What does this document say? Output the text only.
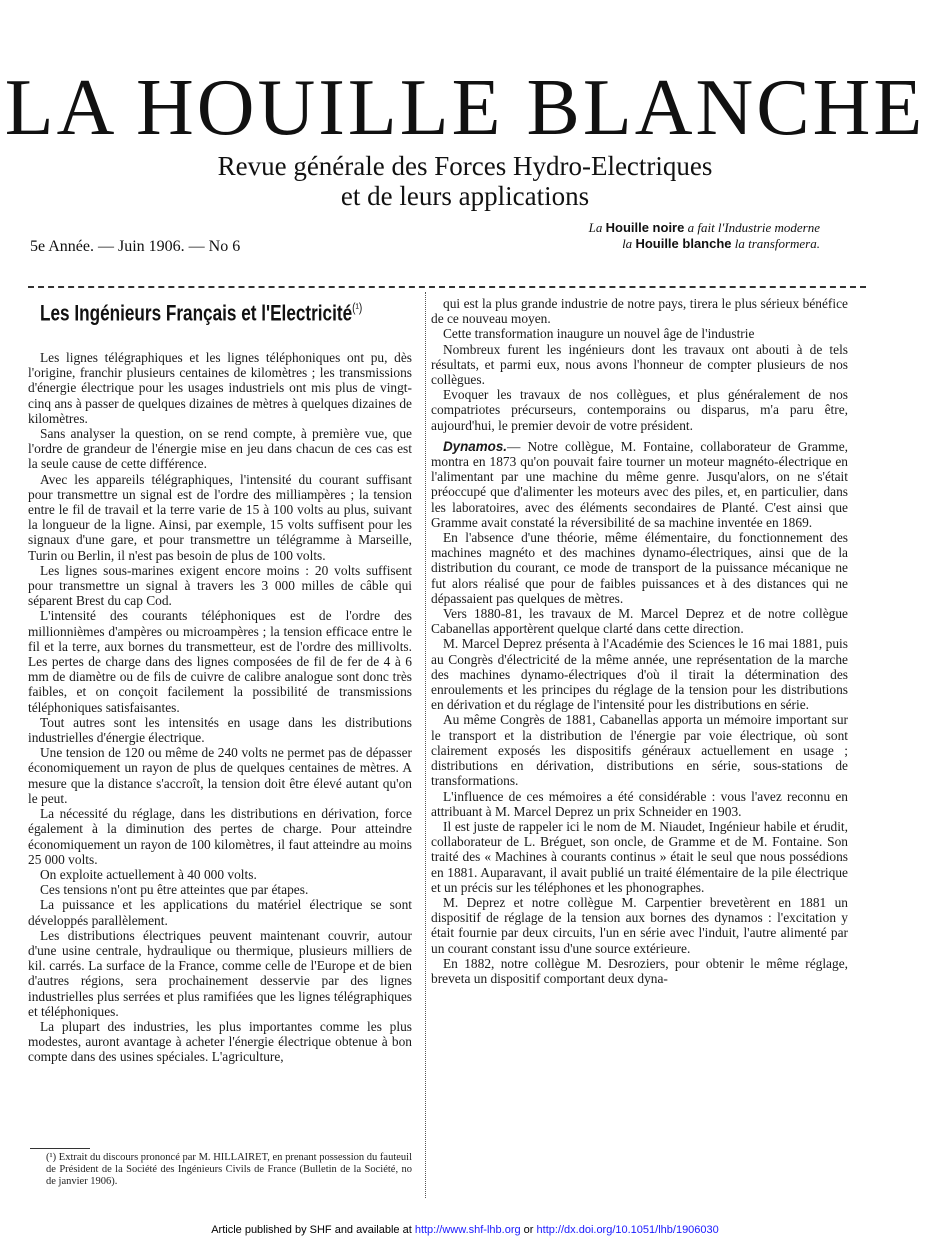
LA HOUILLE BLANCHE
Revue générale des Forces Hydro-Electriques
et de leurs applications
La Houille noire a fait l'Industrie moderne
la Houille blanche la transformera.
5e Année. — Juin 1906. — No 6
Les Ingénieurs Français et l'Electricité$^{(^1)}$

Les lignes télégraphiques et les lignes téléphoniques ont pu, dès l'origine, franchir plusieurs centaines de kilomètres ; les transmissions d'énergie électrique pour les usages industriels ont mis plus de vingt-cinq ans à passer de quelques dizaines de mètres à quelques dizaines de kilomètres.

Sans analyser la question, on se rend compte, à première vue, que l'ordre de grandeur de l'énergie mise en jeu dans chacun de ces cas est la seule cause de cette différence.

Avec les appareils télégraphiques, l'intensité du courant suffisant pour transmettre un signal est de l'ordre des milliampères ; la tension entre le fil de travail et la terre varie de 15 à 100 volts au plus, suivant la longueur de la ligne. Ainsi, par exemple, 15 volts suffisent pour les signaux d'une gare, et pour transmettre un télégramme à Marseille, Turin ou Berlin, il n'est pas besoin de plus de 100 volts.

Les lignes sous-marines exigent encore moins : 20 volts suffisent pour transmettre un signal à travers les 3 000 milles de câble qui séparent Brest du cap Cod.

L'intensité des courants téléphoniques est de l'ordre des millionnièmes d'ampères ou microampères ; la tension efficace entre le fil et la terre, aux bornes du transmetteur, est de l'ordre des millivolts. Les pertes de charge dans des lignes composées de fil de fer de 4 à 6 mm de diamètre ou de fils de cuivre de calibre analogue sont donc très faibles, et on conçoit facilement la possibilité de transmissions téléphoniques satisfaisantes.

Tout autres sont les intensités en usage dans les distributions industrielles d'énergie électrique.

Une tension de 120 ou même de 240 volts ne permet pas de dépasser économiquement un rayon de plus de quelques centaines de mètres. A mesure que la distance s'accroît, la tension doit être élevé autant qu'on le peut.

La nécessité du réglage, dans les distributions en dérivation, force également à la diminution des pertes de charge. Pour atteindre économiquement un rayon de 100 kilomètres, il faut atteindre au moins 25 000 volts.

On exploite actuellement à 40 000 volts.

Ces tensions n'ont pu être atteintes que par étapes.

La puissance et les applications du matériel électrique se sont développés parallèlement.

Les distributions électriques peuvent maintenant couvrir, autour d'une usine centrale, hydraulique ou thermique, plusieurs milliers de kil. carrés. La surface de la France, comme celle de l'Europe et de bien d'autres régions, sera prochainement desservie par des lignes industrielles plus serrées et plus ramifiées que les lignes télégraphiques et téléphoniques.

La plupart des industries, les plus importantes comme les plus modestes, auront avantage à acheter l'énergie électrique obtenue à bon compte dans des usines spéciales. L'agriculture,

qui est la plus grande industrie de notre pays, tirera le plus sérieux bénéfice de ce nouveau moyen.

Cette transformation inaugure un nouvel âge de l'industrie

Nombreux furent les ingénieurs dont les travaux ont abouti à de tels résultats, et parmi eux, nous avons l'honneur de compter plusieurs de nos collègues.

Evoquer les travaux de nos collègues, et plus généralement de nos compatriotes précurseurs, contemporains ou disparus, m'a paru être, aujourd'hui, le premier devoir de votre président.

Dynamos.— Notre collègue, M. Fontaine, collaborateur de Gramme, montra en 1873 qu'on pouvait faire tourner un moteur magnéto-électrique en l'alimentant par une machine du même genre. Jusqu'alors, on ne s'était préoccupé que d'alimenter les moteurs avec des piles, et, en particulier, dans les laboratoires, avec des éléments secondaires de Planté. C'est ainsi que Gramme avait constaté la réversibilité de sa machine inventée en 1869.

En l'absence d'une théorie, même élémentaire, du fonctionnement des machines magnéto et des machines dynamo-électriques, ainsi que de la distribution du courant, ce mode de transport de la puissance mécanique ne fut alors réalisé que pour de faibles puissances et à des distances qui ne dépassaient pas quelques de mètres.

Vers 1880-81, les travaux de M. Marcel Deprez et de notre collègue Cabanellas apportèrent quelque clarté dans cette direction.

M. Marcel Deprez présenta à l'Académie des Sciences le 16 mai 1881, puis au Congrès d'électricité de la même année, une représentation de la marche des machines dynamo-électriques d'où il tirait la détermination des enroulements et les principes du réglage de la tension pour les distributions en dérivation et du réglage de l'intensité pour les distributions en série.

Au même Congrès de 1881, Cabanellas apporta un mémoire important sur le transport et la distribution de l'énergie par voie électrique, où sont clairement exposés les dispositifs généraux actuellement en usage ; distributions en dérivation, distributions en série, sous-stations de transformations.

L'influence de ces mémoires a été considérable : vous l'avez reconnu en attribuant à M. Marcel Deprez un prix Schneider en 1903.

Il est juste de rappeler ici le nom de M. Niaudet, Ingénieur habile et érudit, collaborateur de L. Bréguet, son oncle, de Gramme et de M. Fontaine. Son traité des « Machines à courants continus » était le seul que nous possédions en 1881. Auparavant, il avait publié un traité élémentaire de la pile électrique et un précis sur les téléphones et les phonographes.

M. Deprez et notre collègue M. Carpentier brevetèrent en 1881 un dispositif de réglage de la tension aux bornes des dynamos : l'excitation y était fournie par deux circuits, l'un en série avec l'induit, l'autre alimenté par un courant constant issu d'une source extérieure.

En 1882, notre collègue M. Desroziers, pour obtenir le même réglage, breveta un dispositif comportant deux dyna-

(¹) Extrait du discours prononcé par M. HILLAIRET, en prenant possession du fauteuil de Président de la Société des Ingénieurs Civils de France (Bulletin de la Société, no de janvier 1906).
Article published by SHF and available at http://www.shf-lhb.org or http://dx.doi.org/10.1051/lhb/1906030
